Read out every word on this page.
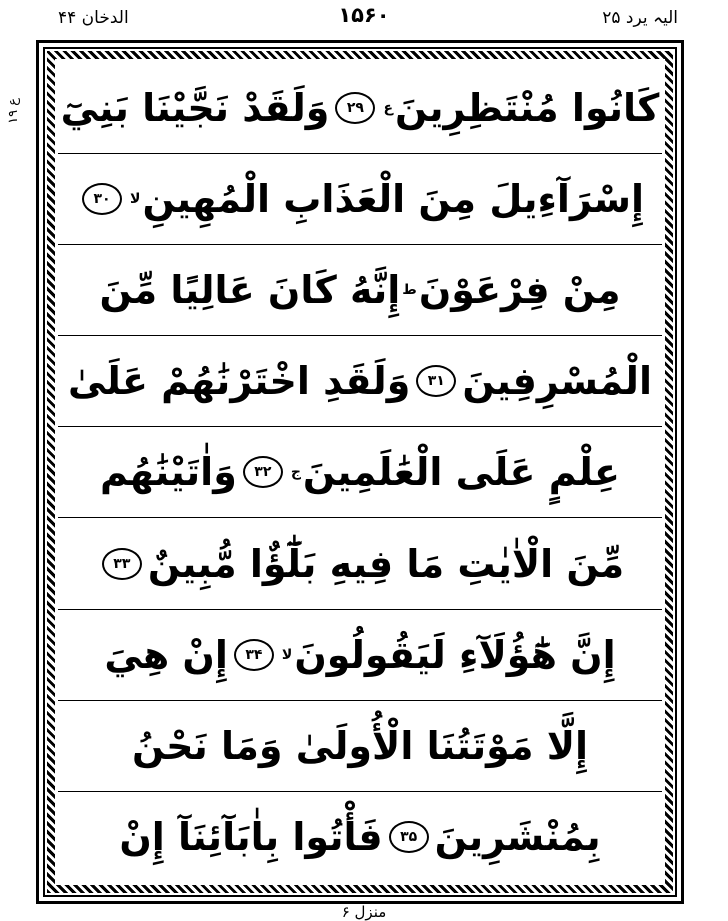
الدخان ۴۴	۱۵۶۰	الیہ یرد ۲۵
ع ۱۹	كَانُوا مُنْتَظِرِينَ
ع
۲۹
وَلَقَدْ نَجَّيْنَا بَنِيٓ
إِسْرَآءِيلَ مِنَ الْعَذَابِ الْمُهِينِ
لا
۳۰
مِنْ فِرْعَوْنَ
ط
إِنَّهُ كَانَ عَالِيًا مِّنَ
الْمُسْرِفِينَ
۳۱
وَلَقَدِ اخْتَرْنَٰهُمْ عَلَىٰ
عِلْمٍ عَلَى الْعَٰلَمِينَ
ج
۳۲
وَاٰتَيْنَٰهُم
مِّنَ الْاٰيٰتِ مَا فِيهِ بَلَٰٓؤٌا مُّبِينٌ
۳۳
إِنَّ هَٰٓؤُلَآءِ لَيَقُولُونَ
لا
۳۴
إِنْ هِيَ
إِلَّا مَوْتَتُنَا الْأُولَىٰ وَمَا نَحْنُ
بِمُنْشَرِينَ
۳۵
فَأْتُوا بِاٰبَآئِنَآ إِنْ
منزل ۶
